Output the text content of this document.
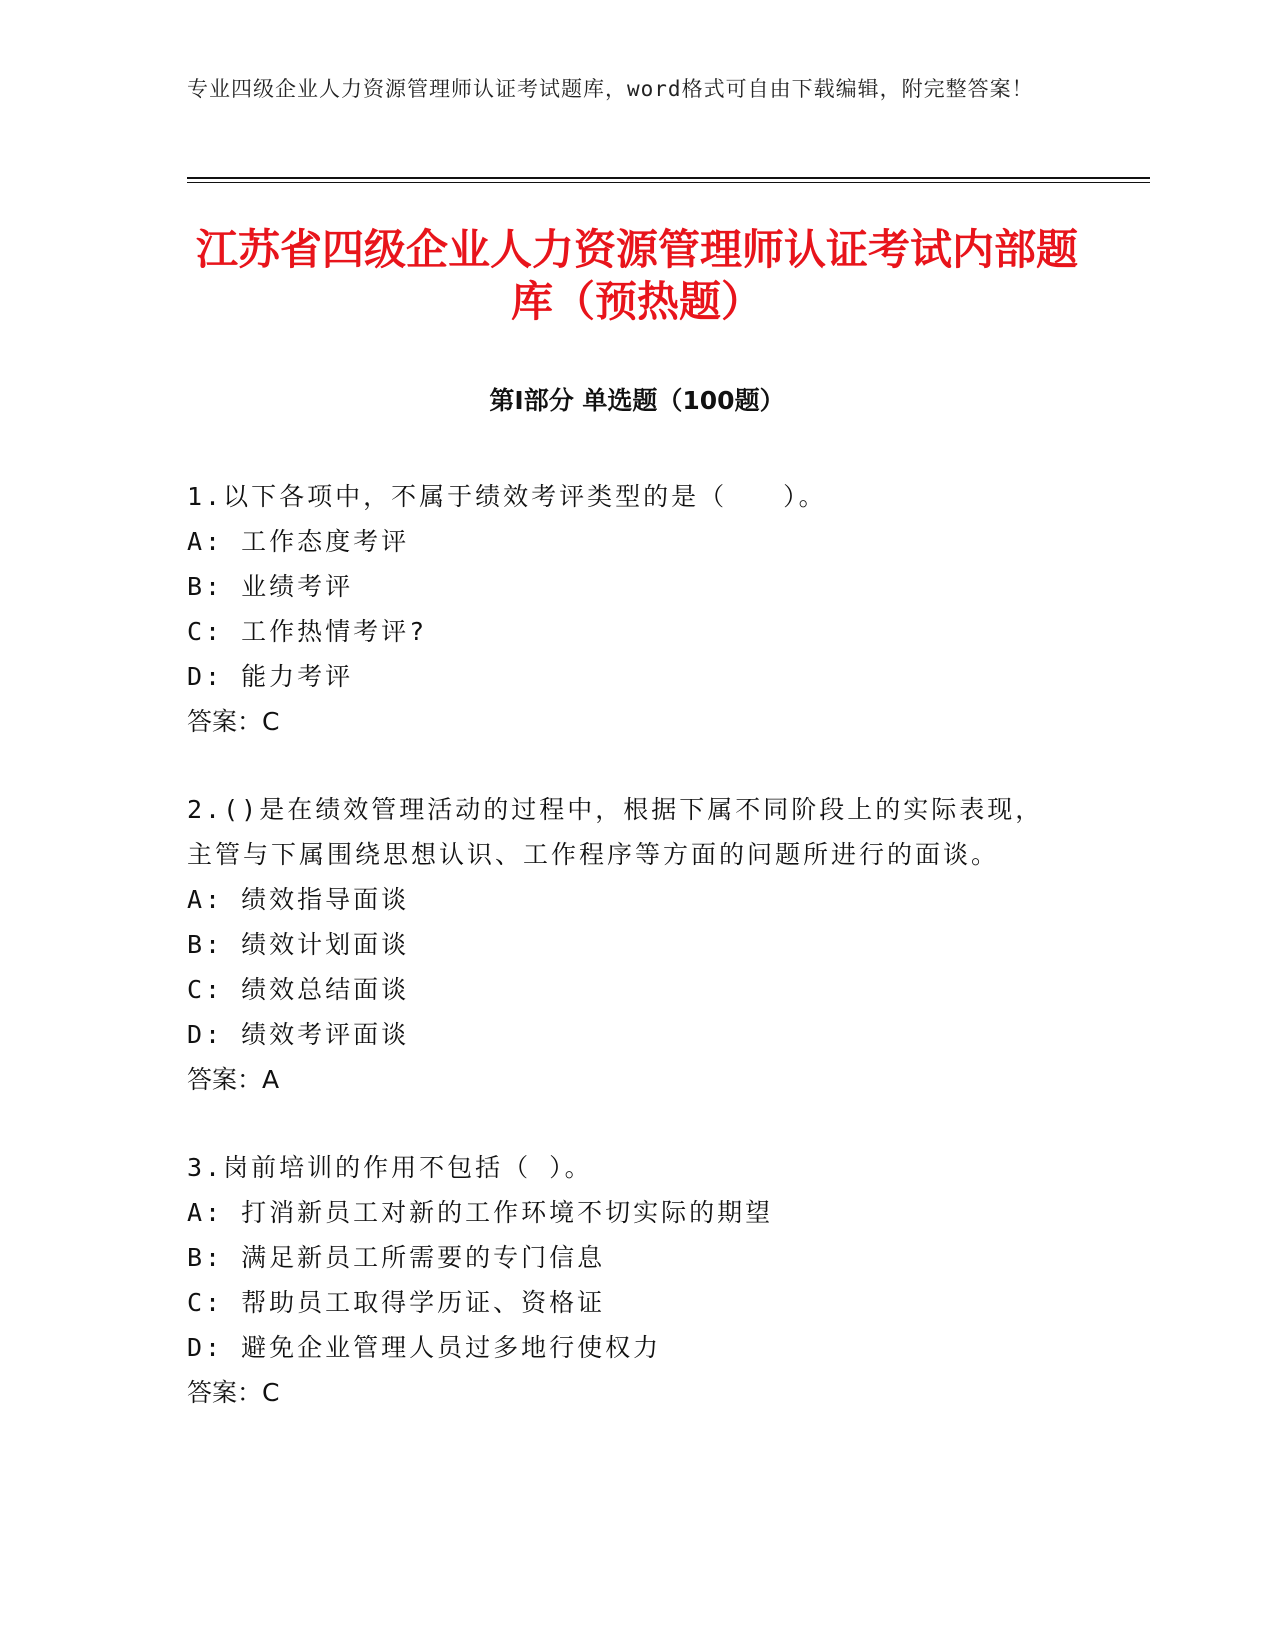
专业四级企业人力资源管理师认证考试题库，word格式可自由下载编辑，附完整答案！
江苏省四级企业人力资源管理师认证考试内部题库（预热题）
第Ⅰ部分 单选题（100题）
1.以下各项中，不属于绩效考评类型的是（　　）。
A: 工作态度考评
B: 业绩考评
C: 工作热情考评?
D: 能力考评
答案：C
2.()是在绩效管理活动的过程中，根据下属不同阶段上的实际表现，主管与下属围绕思想认识、工作程序等方面的问题所进行的面谈。
A: 绩效指导面谈
B: 绩效计划面谈
C: 绩效总结面谈
D: 绩效考评面谈
答案：A
3.岗前培训的作用不包括（ ）。
A: 打消新员工对新的工作环境不切实际的期望
B: 满足新员工所需要的专门信息
C: 帮助员工取得学历证、资格证
D: 避免企业管理人员过多地行使权力
答案：C
